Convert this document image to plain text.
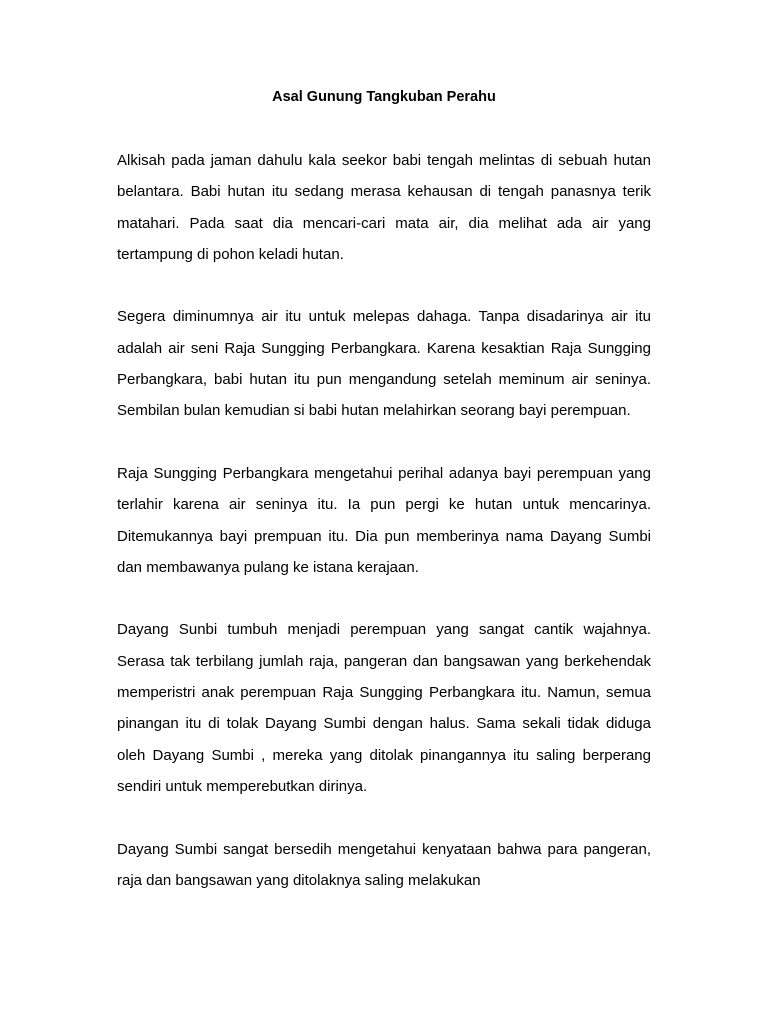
Asal Gunung Tangkuban Perahu

Alkisah pada jaman dahulu kala seekor babi tengah melintas di sebuah hutan belantara. Babi hutan itu sedang merasa kehausan di tengah panasnya terik matahari. Pada saat dia mencari-cari mata air, dia melihat ada air yang tertampung di pohon keladi hutan.

Segera diminumnya air itu untuk melepas dahaga. Tanpa disadarinya air itu adalah air seni Raja Sungging Perbangkara. Karena kesaktian Raja Sungging Perbangkara, babi hutan itu pun mengandung setelah meminum air seninya. Sembilan bulan kemudian si babi hutan melahirkan seorang bayi perempuan.

Raja Sungging Perbangkara mengetahui perihal adanya bayi perempuan yang terlahir karena air seninya itu. Ia pun pergi ke hutan untuk mencarinya. Ditemukannya bayi prempuan itu. Dia pun memberinya nama Dayang Sumbi dan membawanya pulang ke istana kerajaan.

Dayang Sunbi tumbuh menjadi perempuan yang sangat cantik wajahnya. Serasa tak terbilang jumlah raja, pangeran dan bangsawan yang berkehendak memperistri anak perempuan Raja Sungging Perbangkara itu. Namun, semua pinangan itu di tolak Dayang Sumbi dengan halus. Sama sekali tidak diduga oleh Dayang Sumbi , mereka yang ditolak pinangannya itu saling berperang sendiri untuk memperebutkan dirinya.

Dayang Sumbi sangat bersedih mengetahui kenyataan bahwa para pangeran, raja dan bangsawan yang ditolaknya saling melakukan
